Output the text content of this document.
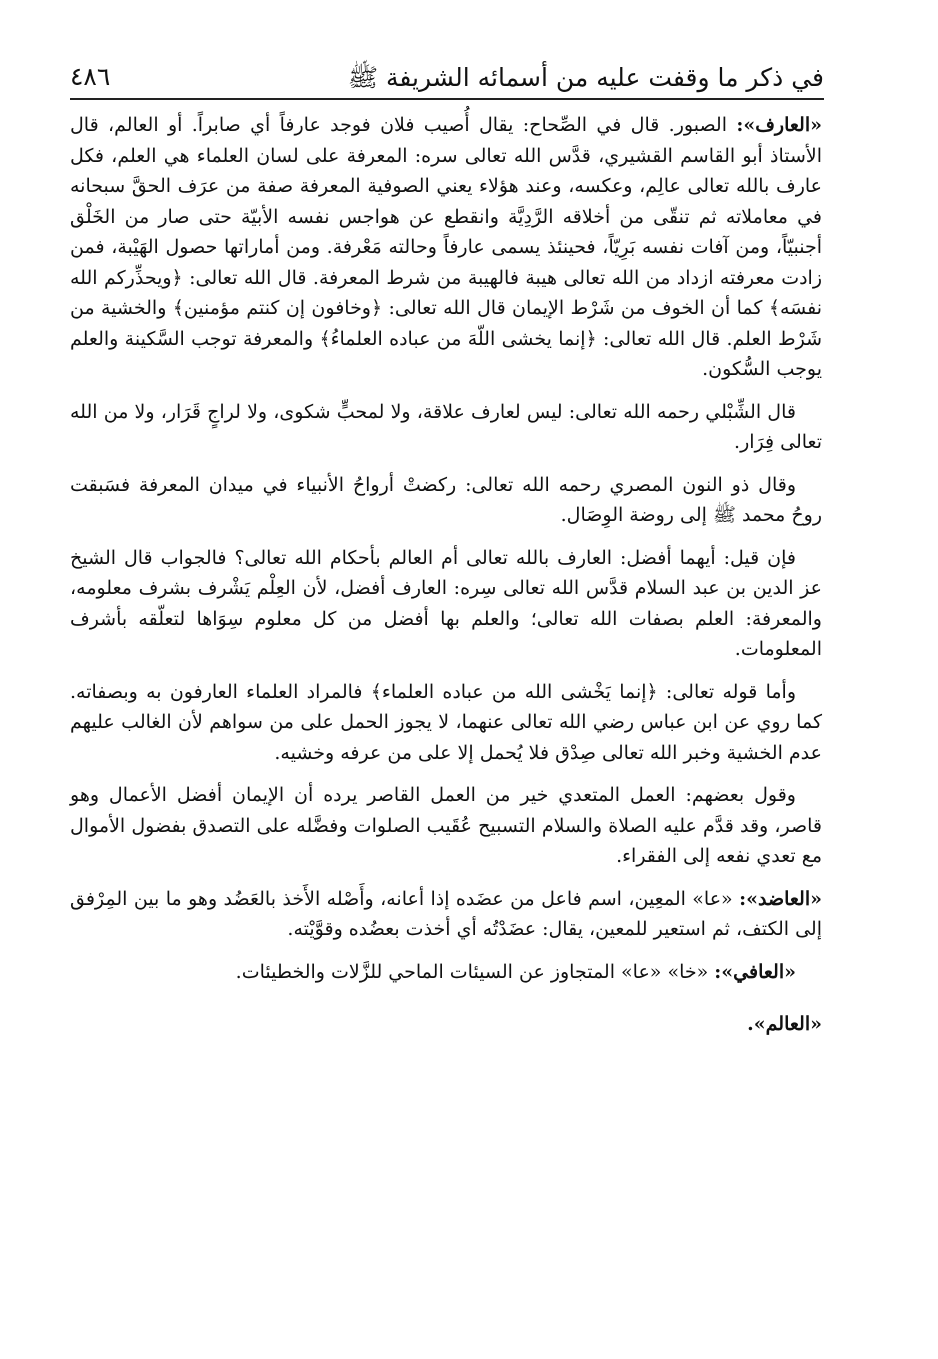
في ذكر ما وقفت عليه من أسمائه الشريفة ﷺ
٤٨٦

«العارف»: الصبور. قال في الصِّحاح: يقال أُصيب فلان فوجد عارفاً أي صابراً. أو العالم، قال الأستاذ أبو القاسم القشيري، قدَّس الله تعالى سره: المعرفة على لسان العلماء هي العلم، فكل عارف بالله تعالى عالِم، وعكسه، وعند هؤلاء يعني الصوفية المعرفة صفة من عرَف الحقَّ سبحانه في معاملاته ثم تنقّى من أخلاقه الرَّدِيَّة وانقطع عن هواجس نفسه الأبيّة حتى صار من الخَلْق أجنبيّاً، ومن آفات نفسه بَرِيّاً، فحينئذ يسمى عارفاً وحالته مَعْرفة. ومن أماراتها حصول الهَيْبة، فمن زادت معرفته ازداد من الله تعالى هيبة فالهيبة من شرط المعرفة. قال الله تعالى: ﴿ويحذِّركم الله نفسَه﴾ كما أن الخوف من شَرْط الإيمان قال الله تعالى: ﴿وخافون إن كنتم مؤمنين﴾ والخشية من شَرْط العلم. قال الله تعالى: ﴿إنما يخشى اللّهَ من عباده العلماءُ﴾ والمعرفة توجب السَّكينة والعلم يوجب السُّكون.

قال الشِّبْلي رحمه الله تعالى: ليس لعارف علاقة، ولا لمحبٍّ شكوى، ولا لراجٍ قَرَار، ولا من الله تعالى فِرَار.

وقال ذو النون المصري رحمه الله تعالى: ركضتْ أرواحُ الأنبياء في ميدان المعرفة فسَبقت روحُ محمد ﷺ إلى روضة الوِصَال.

فإن قيل: أيهما أفضل: العارف بالله تعالى أم العالم بأحكام الله تعالى؟ فالجواب قال الشيخ عز الدين بن عبد السلام قدَّس الله تعالى سِره: العارف أفضل، لأن العِلْم يَشْرف بشرف معلومه، والمعرفة: العلم بصفات الله تعالى؛ والعلم بها أفضل من كل معلوم سِوَاها لتعلّقه بأشرف المعلومات.

وأما قوله تعالى: ﴿إنما يَخْشى الله من عباده العلماء﴾ فالمراد العلماء العارفون به وبصفاته. كما روي عن ابن عباس رضي الله تعالى عنهما، لا يجوز الحمل على من سواهم لأن الغالب عليهم عدم الخشية وخبر الله تعالى صِدْق فلا يُحمل إلا على من عرفه وخشيه.

وقول بعضهم: العمل المتعدي خير من العمل القاصر يرده أن الإيمان أفضل الأعمال وهو قاصر، وقد قدَّم عليه الصلاة والسلام التسبيح عُقَيب الصلوات وفضَّله على التصدق بفضول الأموال مع تعدي نفعه إلى الفقراء.

«العاضد»: «عا» المعِين، اسم فاعل من عضَده إذا أعانه، وأَصْله الأَخذ بالعَضُد وهو ما بين المِرْفق إلى الكتف، ثم استعير للمعين، يقال: عضَدْتُه أي أخذت بعضُده وقوَّيْته.

«العافي»: «خا» «عا» المتجاوز عن السيئات الماحي للزَّلات والخطيئات.

«العالم».
